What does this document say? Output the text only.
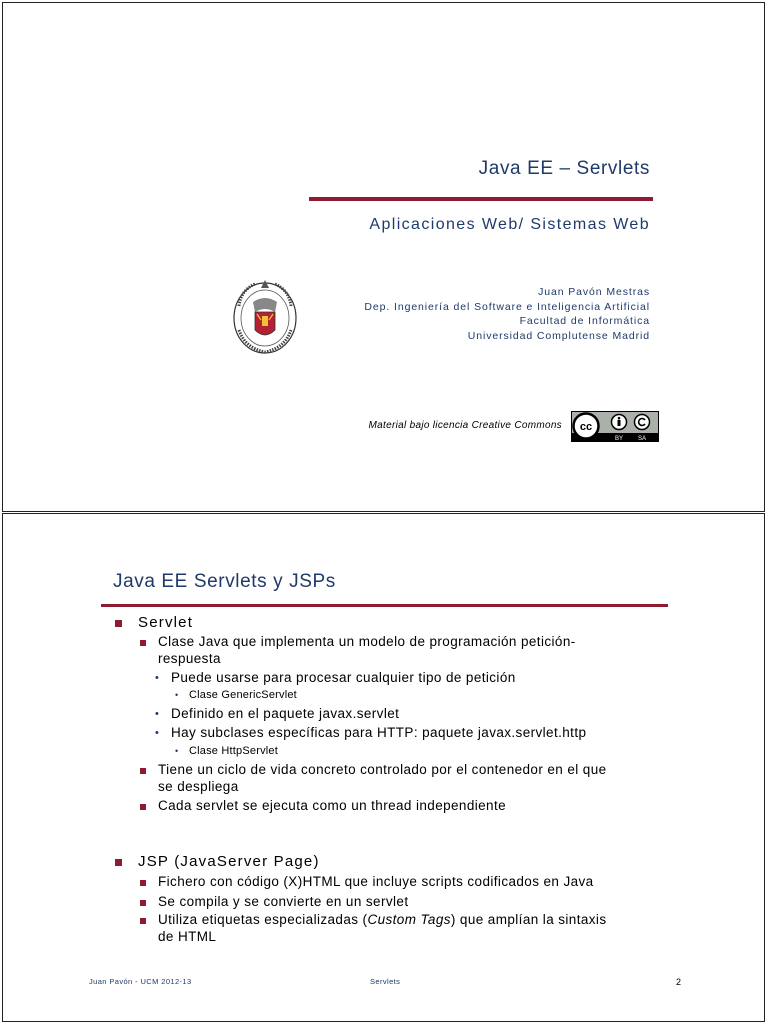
Java EE – Servlets
Aplicaciones Web/ Sistemas Web
Juan Pavón Mestras
Dep. Ingeniería del Software e Inteligencia Artificial
Facultad de Informática
Universidad Complutense Madrid
Material bajo licencia Creative Commons cc
BY SA
Java EE Servlets y JSPs
Servlet
Clase Java que implementa un modelo de programación petición-
respuesta
• Puede usarse para procesar cualquier tipo de petición
• Clase GenericServlet
• Definido en el paquete javax.servlet
• Hay subclases específicas para HTTP: paquete javax.servlet.http
• Clase HttpServlet
Tiene un ciclo de vida concreto controlado por el contenedor en el que
se despliega
Cada servlet se ejecuta como un thread independiente
JSP (JavaServer Page)
Fichero con código (X)HTML que incluye scripts codificados en Java
Se compila y se convierte en un servlet
Utiliza etiquetas especializadas (Custom Tags) que amplían la sintaxis
de HTML
Juan Pavón - UCM 2012-13	Servlets	2
